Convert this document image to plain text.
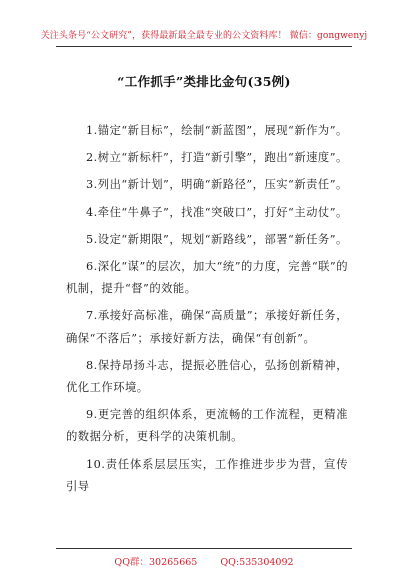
关注头条号“公文研究”，获得最新最全最专业的公文资料库！ 微信：gongwenyj
“工作抓手”类排比金句(35例)

1.锚定“新目标”，绘制“新蓝图”，展现“新作为”。

2.树立“新标杆”，打造“新引擎”，跑出“新速度”。

3.列出“新计划”，明确“新路径”，压实“新责任”。

4.牵住“牛鼻子”，找准“突破口”，打好“主动仗”。

5.设定“新期限”，规划“新路线”，部署“新任务”。

6.深化“谋”的层次，加大“统”的力度，完善“联”的机制，提升“督”的效能。

7.承接好高标准，确保“高质量”；承接好新任务，确保“不落后”；承接好新方法，确保“有创新”。

8.保持昂扬斗志，提振必胜信心，弘扬创新精神，优化工作环境。

9.更完善的组织体系，更流畅的工作流程，更精准的数据分析，更科学的决策机制。

10.责任体系层层压实，工作推进步步为营，宣传引导

QQ群：30265665 QQ:535304092
